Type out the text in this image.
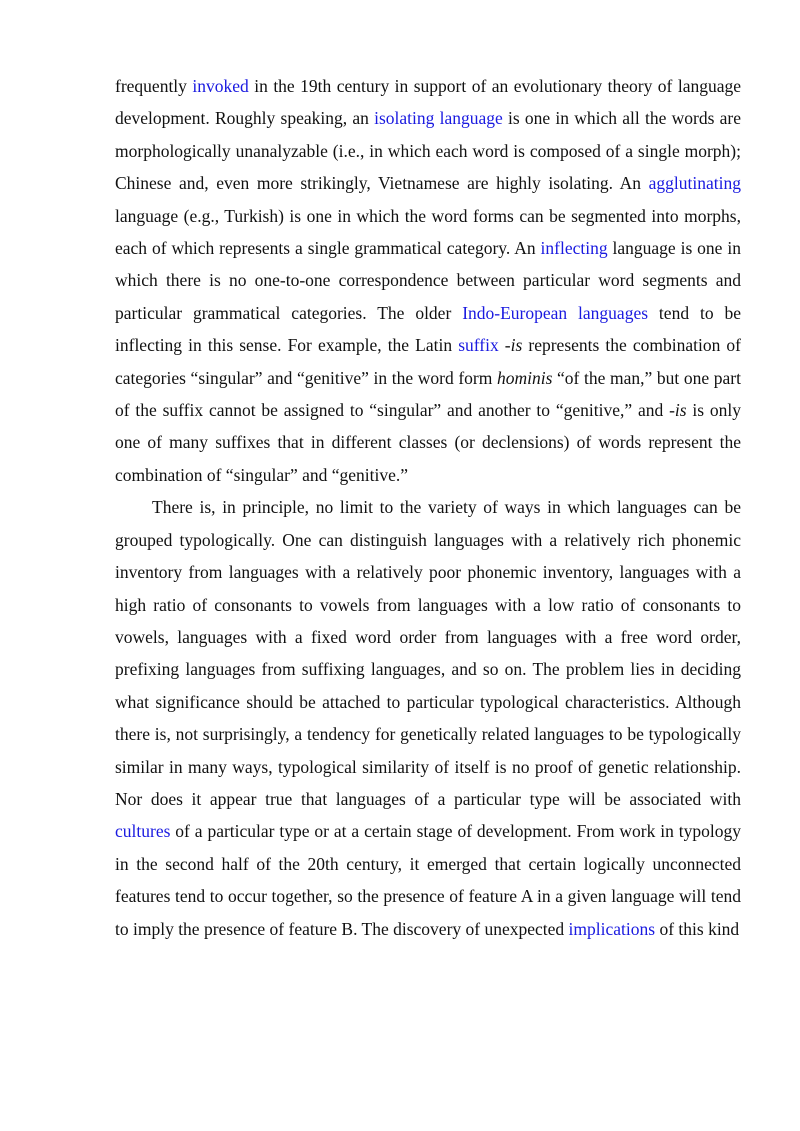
frequently invoked in the 19th century in support of an evolutionary theory of language development. Roughly speaking, an isolating language is one in which all the words are morphologically unanalyzable (i.e., in which each word is composed of a single morph); Chinese and, even more strikingly, Vietnamese are highly isolating. An agglutinating language (e.g., Turkish) is one in which the word forms can be segmented into morphs, each of which represents a single grammatical category. An inflecting language is one in which there is no one-to-one correspondence between particular word segments and particular grammatical categories. The older Indo-European languages tend to be inflecting in this sense. For example, the Latin suffix -is represents the combination of categories “singular” and “genitive” in the word form hominis “of the man,” but one part of the suffix cannot be assigned to “singular” and another to “genitive,” and -is is only one of many suffixes that in different classes (or declensions) of words represent the combination of “singular” and “genitive.”

There is, in principle, no limit to the variety of ways in which languages can be grouped typologically. One can distinguish languages with a relatively rich phonemic inventory from languages with a relatively poor phonemic inventory, languages with a high ratio of consonants to vowels from languages with a low ratio of consonants to vowels, languages with a fixed word order from languages with a free word order, prefixing languages from suffixing languages, and so on. The problem lies in deciding what significance should be attached to particular typological characteristics. Although there is, not surprisingly, a tendency for genetically related languages to be typologically similar in many ways, typological similarity of itself is no proof of genetic relationship. Nor does it appear true that languages of a particular type will be associated with cultures of a particular type or at a certain stage of development. From work in typology in the second half of the 20th century, it emerged that certain logically unconnected features tend to occur together, so the presence of feature A in a given language will tend to imply the presence of feature B. The discovery of unexpected implications of this kind
